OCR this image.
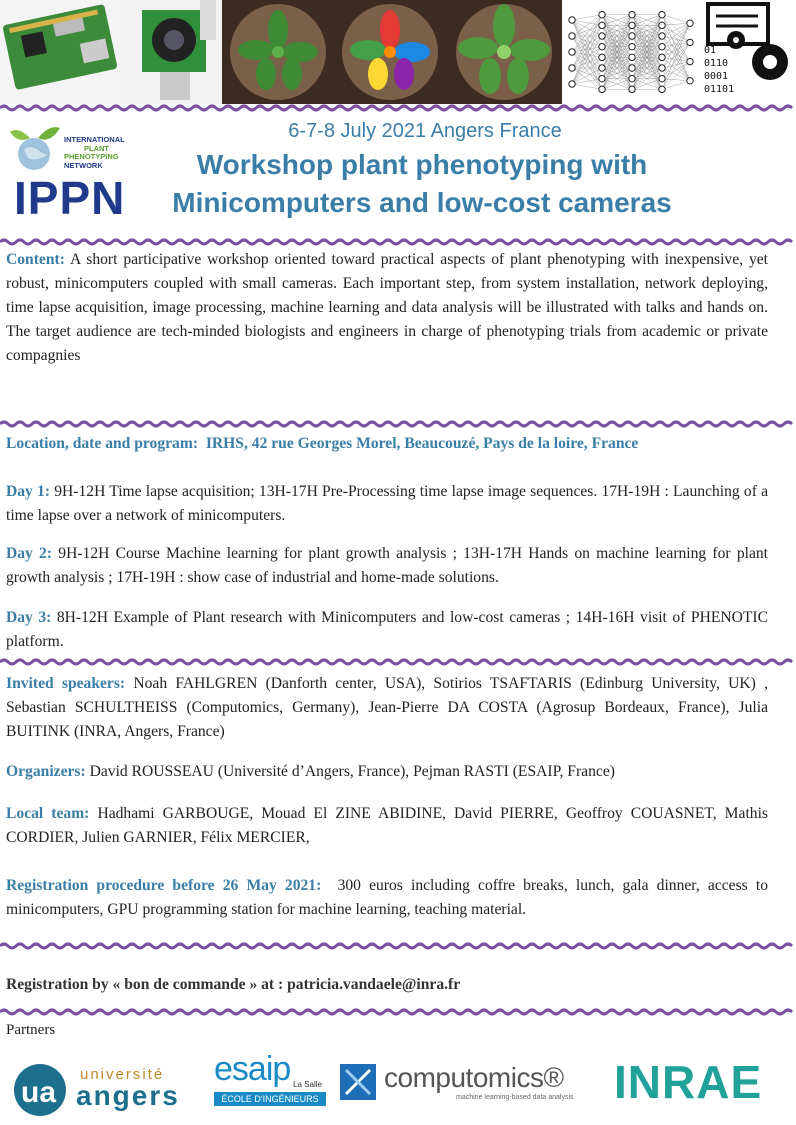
01
0110
0001
01101
INTERNATIONAL
PLANT
PHENOTYPING
NETWORK
IPPN
6-7-8 July 2021 Angers France
Workshop plant phenotyping with
Minicomputers and low-cost cameras
Content: A short participative workshop oriented toward practical aspects of plant phenotyping with inexpensive, yet robust, minicomputers coupled with small cameras. Each important step, from system installation, network deploying, time lapse acquisition, image processing, machine learning and data analysis will be illustrated with talks and hands on. The target audience are tech-minded biologists and engineers in charge of phenotyping trials from academic or private compagnies
Location, date and program: IRHS, 42 rue Georges Morel, Beaucouzé, Pays de la loire, France
Day 1: 9H-12H Time lapse acquisition; 13H-17H Pre-Processing time lapse image sequences. 17H-19H : Launching of a time lapse over a network of minicomputers.
Day 2: 9H-12H Course Machine learning for plant growth analysis ; 13H-17H Hands on machine learning for plant growth analysis ; 17H-19H : show case of industrial and home-made solutions.
Day 3: 8H-12H Example of Plant research with Minicomputers and low-cost cameras ; 14H-16H visit of PHENOTIC platform.
Invited speakers: Noah FAHLGREN (Danforth center, USA), Sotirios TSAFTARIS (Edinburg University, UK) , Sebastian SCHULTHEISS (Computomics, Germany), Jean-Pierre DA COSTA (Agrosup Bordeaux, France), Julia BUITINK (INRA, Angers, France)
Organizers: David ROUSSEAU (Université d’Angers, France), Pejman RASTI (ESAIP, France)
Local team: Hadhami GARBOUGE, Mouad El ZINE ABIDINE, David PIERRE, Geoffroy COUASNET, Mathis CORDIER, Julien GARNIER, Félix MERCIER,
Registration procedure before 26 May 2021: 300 euros including coffre breaks, lunch, gala dinner, access to minicomputers, GPU programming station for machine learning, teaching material.
Registration by « bon de commande » at : patricia.vandaele@inra.fr
Partners
ua
université
angers
esaip La Salle
ÉCOLE D'INGÉNIEURS
computomics®
machine learning-based data analysis INRAE
